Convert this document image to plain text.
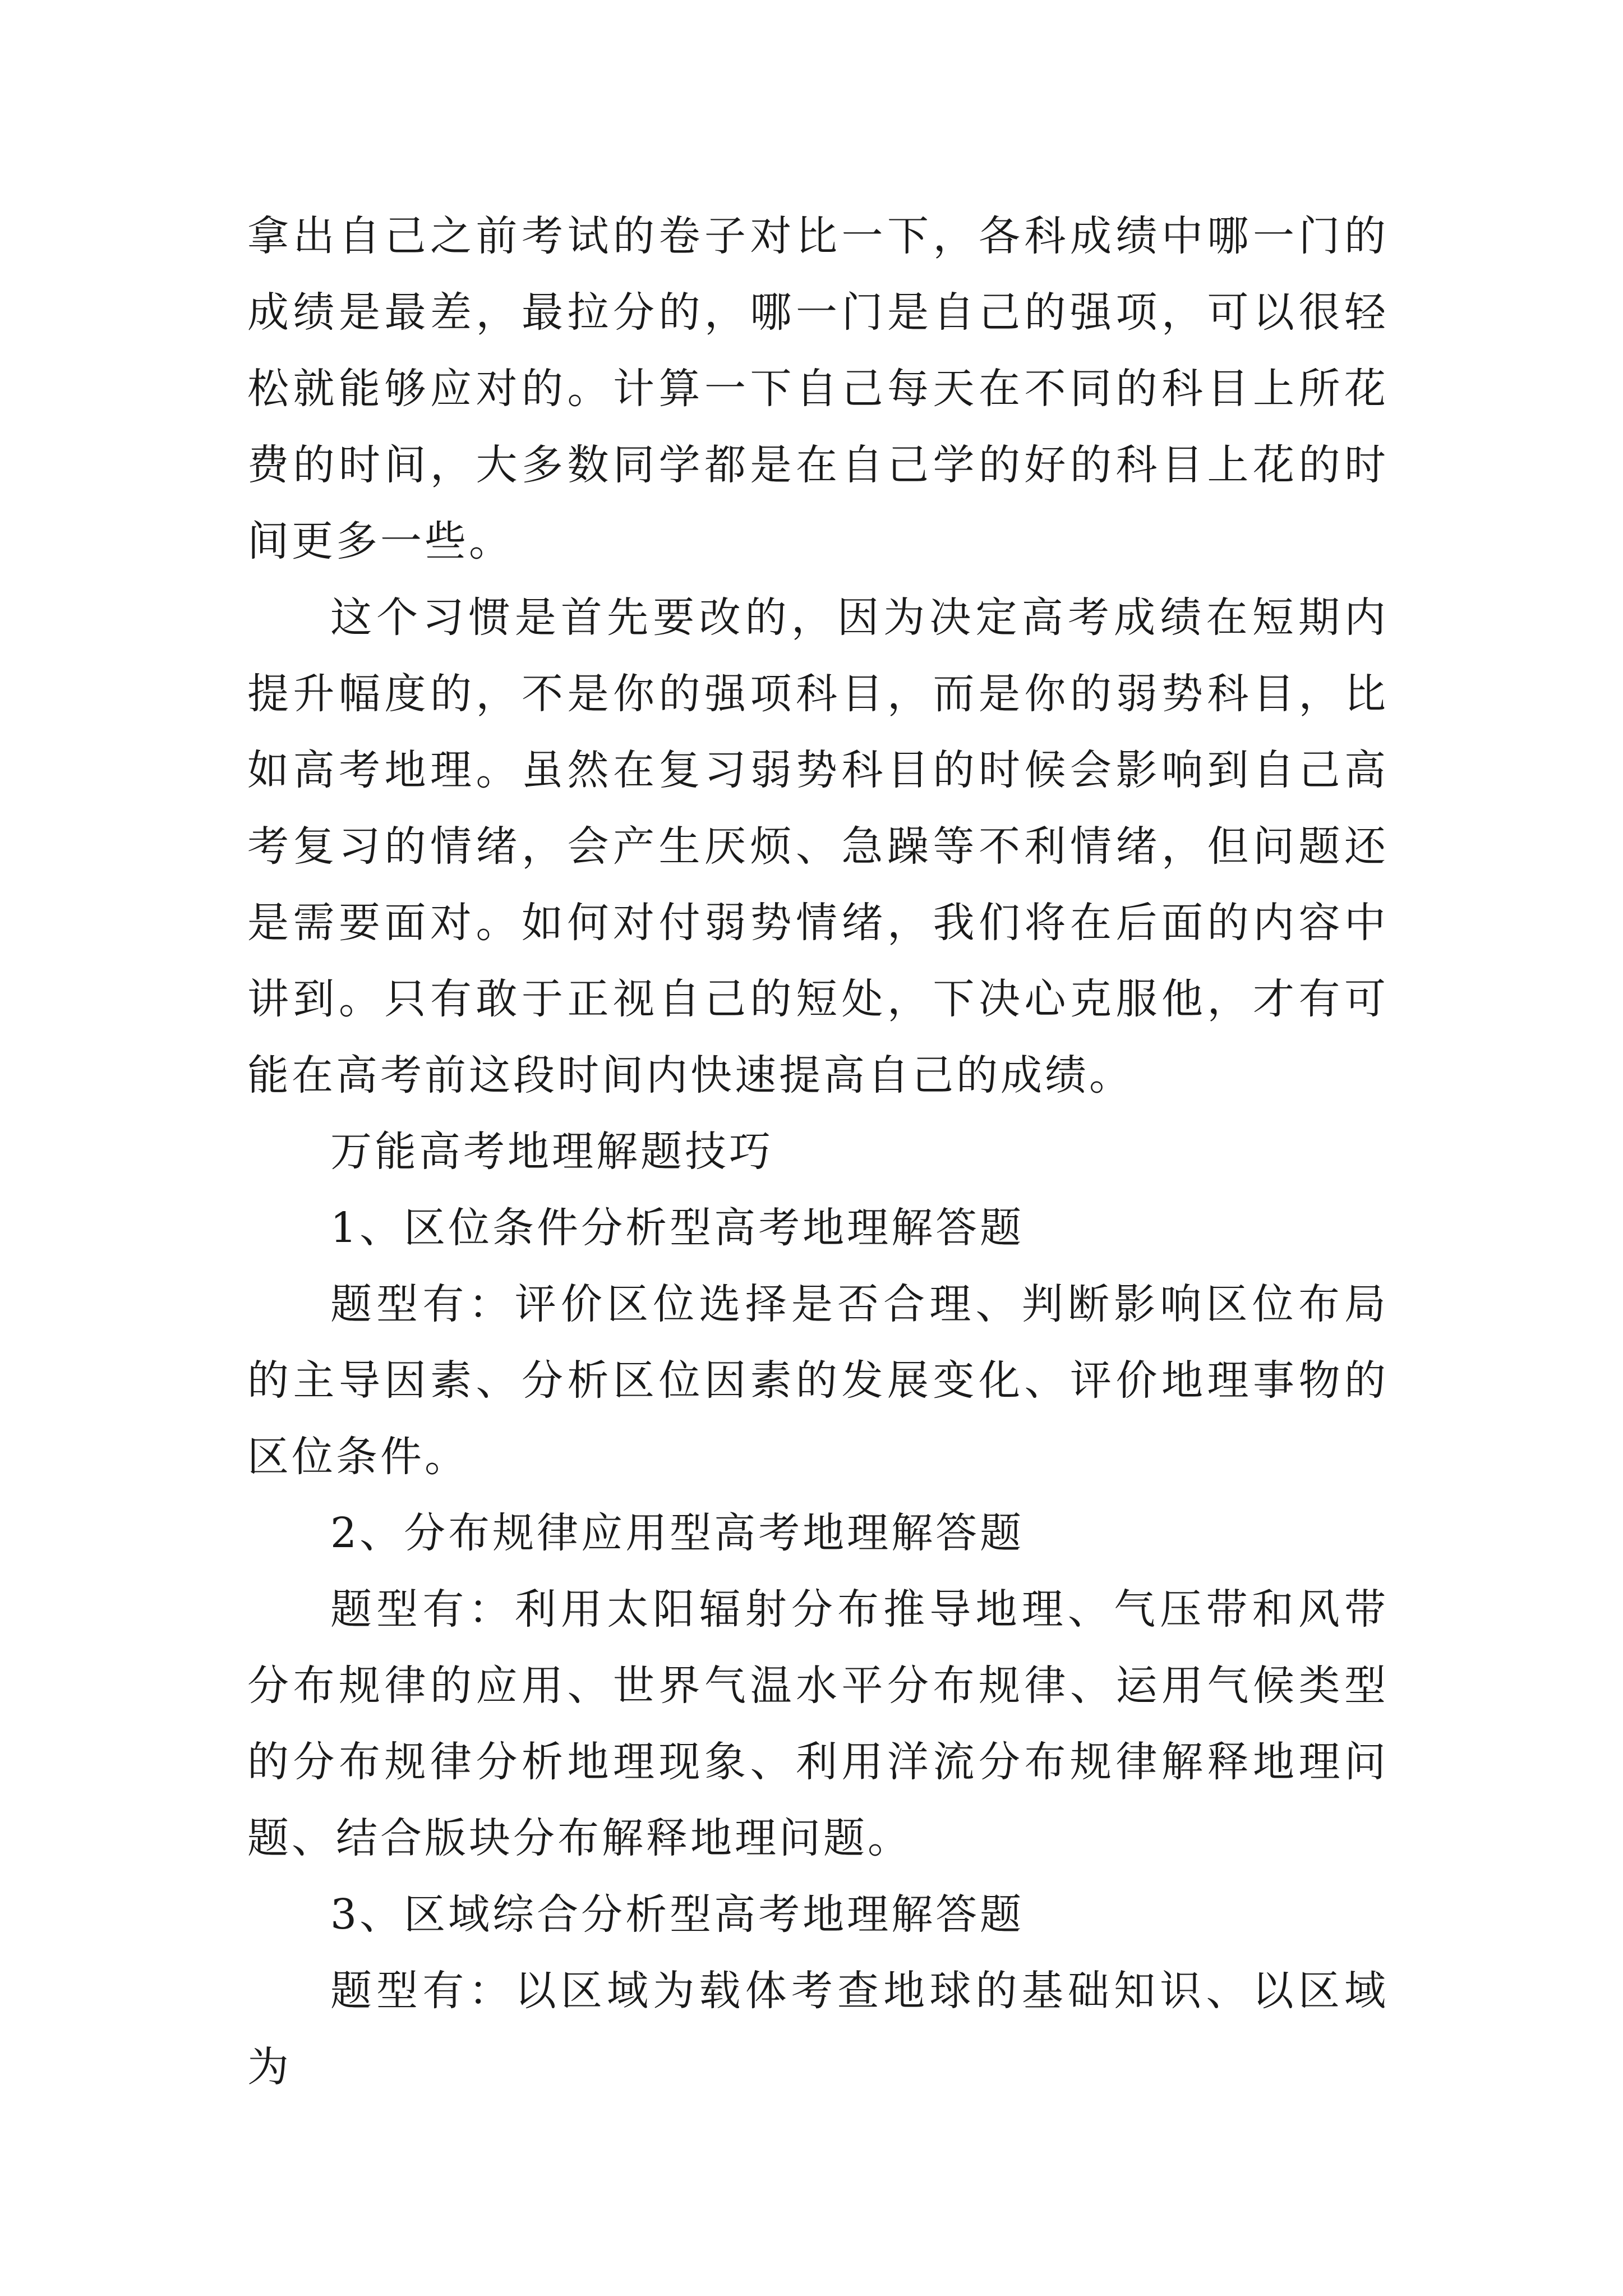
拿出自己之前考试的卷子对比一下，各科成绩中哪一门的成绩是最差，最拉分的，哪一门是自己的强项，可以很轻松就能够应对的。计算一下自己每天在不同的科目上所花费的时间，大多数同学都是在自己学的好的科目上花的时间更多一些。

这个习惯是首先要改的，因为决定高考成绩在短期内提升幅度的，不是你的强项科目，而是你的弱势科目，比如高考地理。虽然在复习弱势科目的时候会影响到自己高考复习的情绪，会产生厌烦、急躁等不利情绪，但问题还是需要面对。如何对付弱势情绪，我们将在后面的内容中讲到。只有敢于正视自己的短处，下决心克服他，才有可能在高考前这段时间内快速提高自己的成绩。

万能高考地理解题技巧

1、区位条件分析型高考地理解答题

题型有：评价区位选择是否合理、判断影响区位布局的主导因素、分析区位因素的发展变化、评价地理事物的区位条件。

2、分布规律应用型高考地理解答题

题型有：利用太阳辐射分布推导地理、气压带和风带分布规律的应用、世界气温水平分布规律、运用气候类型的分布规律分析地理现象、利用洋流分布规律解释地理问题、结合版块分布解释地理问题。

3、区域综合分析型高考地理解答题

题型有：以区域为载体考查地球的基础知识、以区域为
